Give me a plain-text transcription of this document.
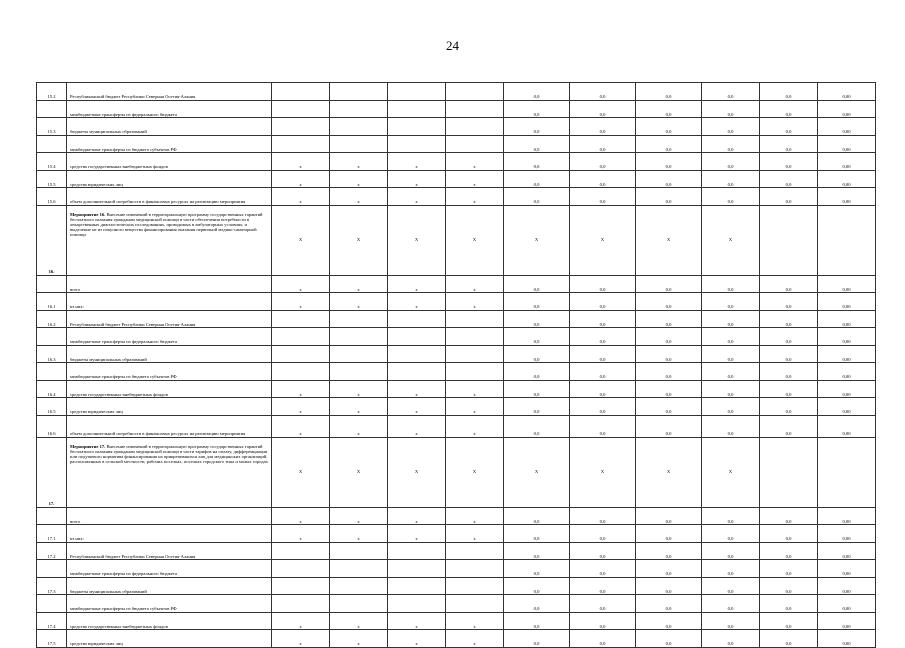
24
15.2	Республиканский бюджет Республики Северная Осетия-Алания					0,0	0,0	0,0	0,0	0,0	0,00
	межбюджетные трансферты из федерального бюджета					0,0	0,0	0,0	0,0	0,0	0,00
15.3	бюджеты муниципальных образований					0,0	0,0	0,0	0,0	0,0	0,00
	межбюджетные трансферты из бюджета субъектов РФ					0,0	0,0	0,0	0,0	0,0	0,00
15.4	средства государственных внебюджетных фондов	x	x	x	x	0,0	0,0	0,0	0,0	0,0	0,00
15.5	средства юридических лиц	x	x	x	x	0,0	0,0	0,0	0,0	0,0	0,00
15.6	объем дополнительной потребности в финансовых ресурсах на реализацию мероприятия	x	x	x	x	0,0	0,0	0,0	0,0	0,0	0,00
16.	Мероприятие 16. Внесение изменений в территориальную программу государственных гарантий бесплатного оказания гражданам медицинской помощи в части обеспечения потребности в лекарственных диагностических исследованиях, проводимых в амбулаторных условиях, и выделение не из покупного вещества финансирования оказания первичной медико-санитарной помощи	X	X	X	X	X	X	X	X		
	всего	x	x	x	x	0,0	0,0	0,0	0,0	0,0	0,00
16.1	из них:	x	x	x	x	0,0	0,0	0,0	0,0	0,0	0,00
16.2	Республиканский бюджет Республики Северная Осетия-Алания					0,0	0,0	0,0	0,0	0,0	0,00
	межбюджетные трансферты из федерального бюджета					0,0	0,0	0,0	0,0	0,0	0,00
16.3	бюджеты муниципальных образований					0,0	0,0	0,0	0,0	0,0	0,00
	межбюджетные трансферты из бюджета субъектов РФ					0,0	0,0	0,0	0,0	0,0	0,00
16.4	средства государственных внебюджетных фондов	x	x	x	x	0,0	0,0	0,0	0,0	0,0	0,00
16.5	средства юридических лиц	x	x	x	x	0,0	0,0	0,0	0,0	0,0	0,00
16.6	объем дополнительной потребности в финансовых ресурсах на реализацию мероприятия	x	x	x	x	0,0	0,0	0,0	0,0	0,0	0,00
17.	Мероприятие 17. Внесение изменений в территориальную программу государственных гарантий бесплатного оказания гражданам медицинской помощи в части тарифов на оплату, дифференциации или подушевого норматива финансирования на прикрепившихся лиц для медицинских организаций, расположенных в сельской местности, рабочих поселках, поселках городского типа и малых городах	X	X	X	X	X	X	X	X		
	всего	x	x	x	x	0,0	0,0	0,0	0,0	0,0	0,00
17.1	из них:	x	x	x	x	0,0	0,0	0,0	0,0	0,0	0,00
17.2	Республиканский бюджет Республики Северная Осетия-Алания					0,0	0,0	0,0	0,0	0,0	0,00
	межбюджетные трансферты из федерального бюджета					0,0	0,0	0,0	0,0	0,0	0,00
17.3	бюджеты муниципальных образований					0,0	0,0	0,0	0,0	0,0	0,00
	межбюджетные трансферты из бюджета субъектов РФ					0,0	0,0	0,0	0,0	0,0	0,00
17.4	средства государственных внебюджетных фондов	x	x	x	x	0,0	0,0	0,0	0,0	0,0	0,00
17.5	средства юридических лиц	x	x	x	x	0,0	0,0	0,0	0,0	0,0	0,00
